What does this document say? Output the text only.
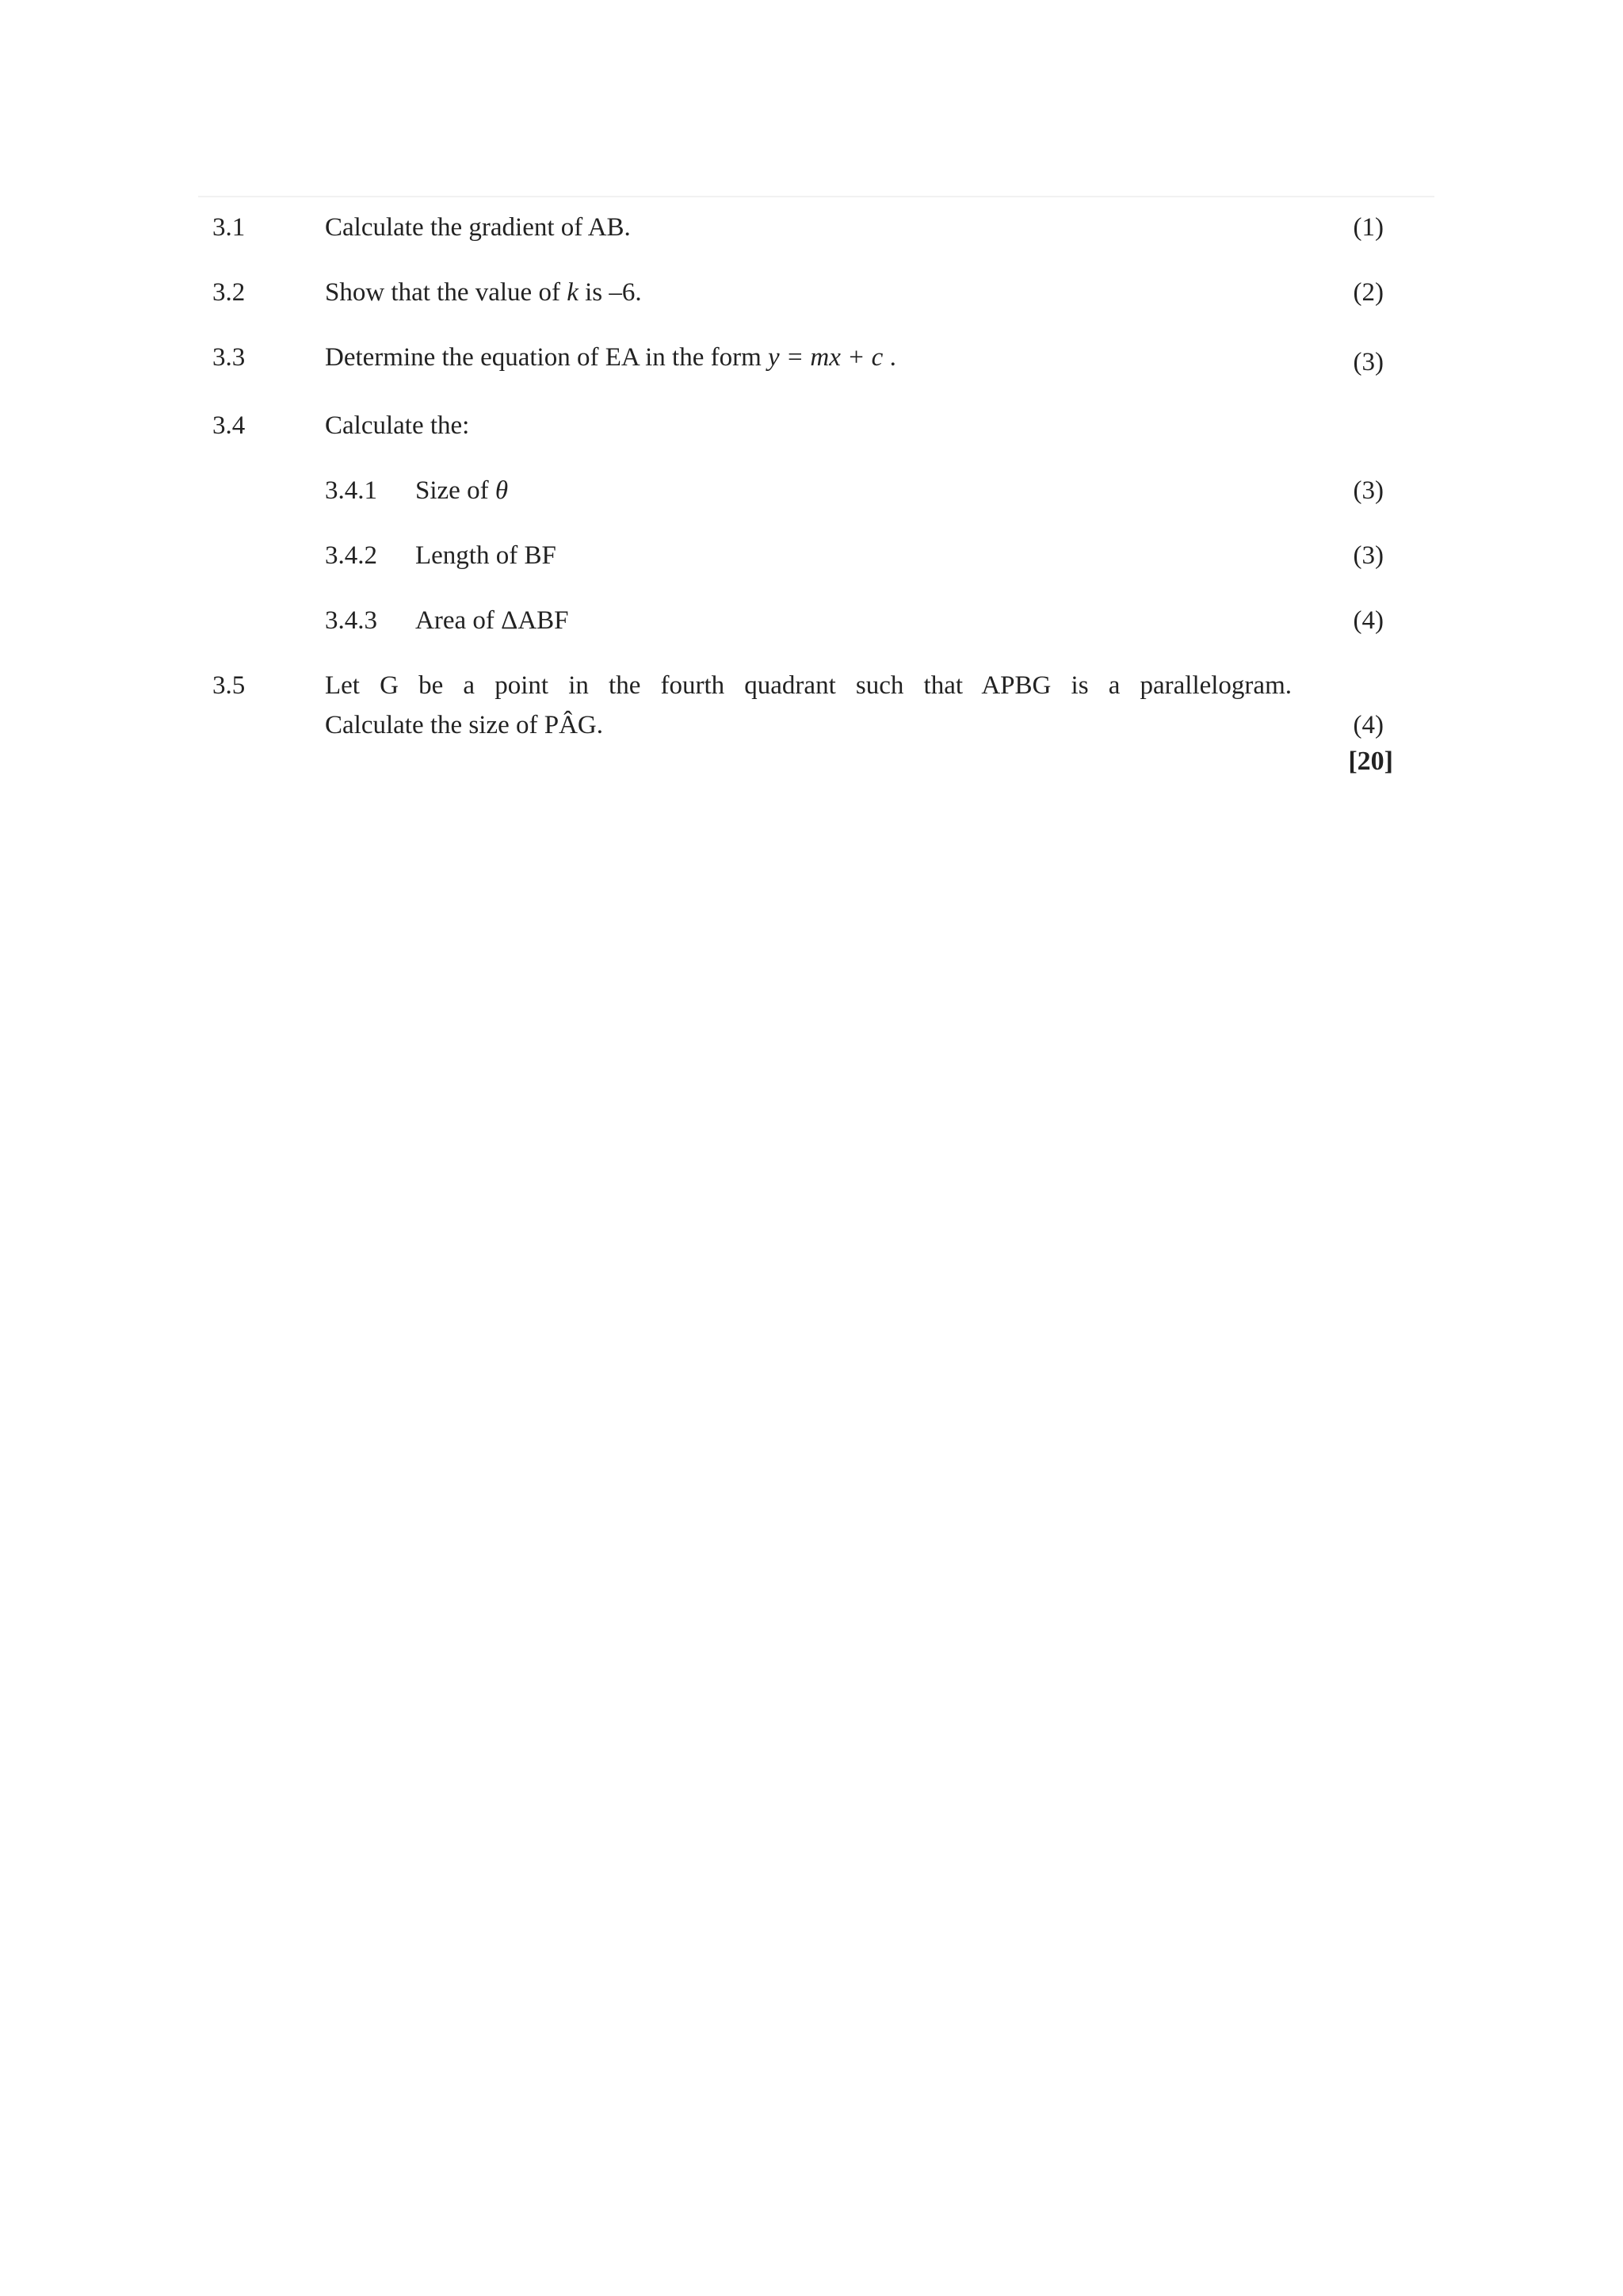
3.1	Calculate the gradient of AB.	(1)
3.2	Show that the value of k is –6.	(2)
3.3	Determine the equation of EA in the form y = mx + c .	(3)
3.4	Calculate the:
3.4.1 Size of θ	(3)
3.4.2 Length of BF	(3)
3.4.3 Area of ΔABF	(4)
3.5	Let G be a point in the fourth quadrant such that APBG is a parallelogram.
Calculate the size of PÂG.	(4)
[20]
